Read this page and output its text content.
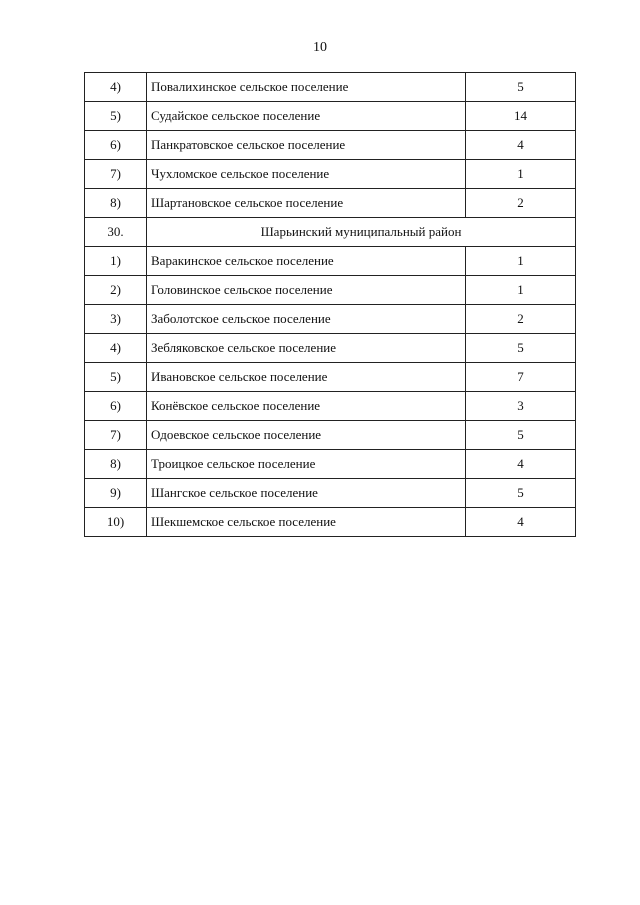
10
4)	Повалихинское сельское поселение	5
5)	Судайское сельское поселение	14
6)	Панкратовское сельское поселение	4
7)	Чухломское сельское поселение	1
8)	Шартановское сельское поселение	2
30.	Шарьинский муниципальный район	
1)	Варакинское сельское поселение	1
2)	Головинское сельское поселение	1
3)	Заболотское сельское поселение	2
4)	Зебляковское сельское поселение	5
5)	Ивановское сельское поселение	7
6)	Конёвское сельское поселение	3
7)	Одоевское сельское поселение	5
8)	Троицкое сельское поселение	4
9)	Шангское сельское поселение	5
10)	Шекшемское сельское поселение	4
